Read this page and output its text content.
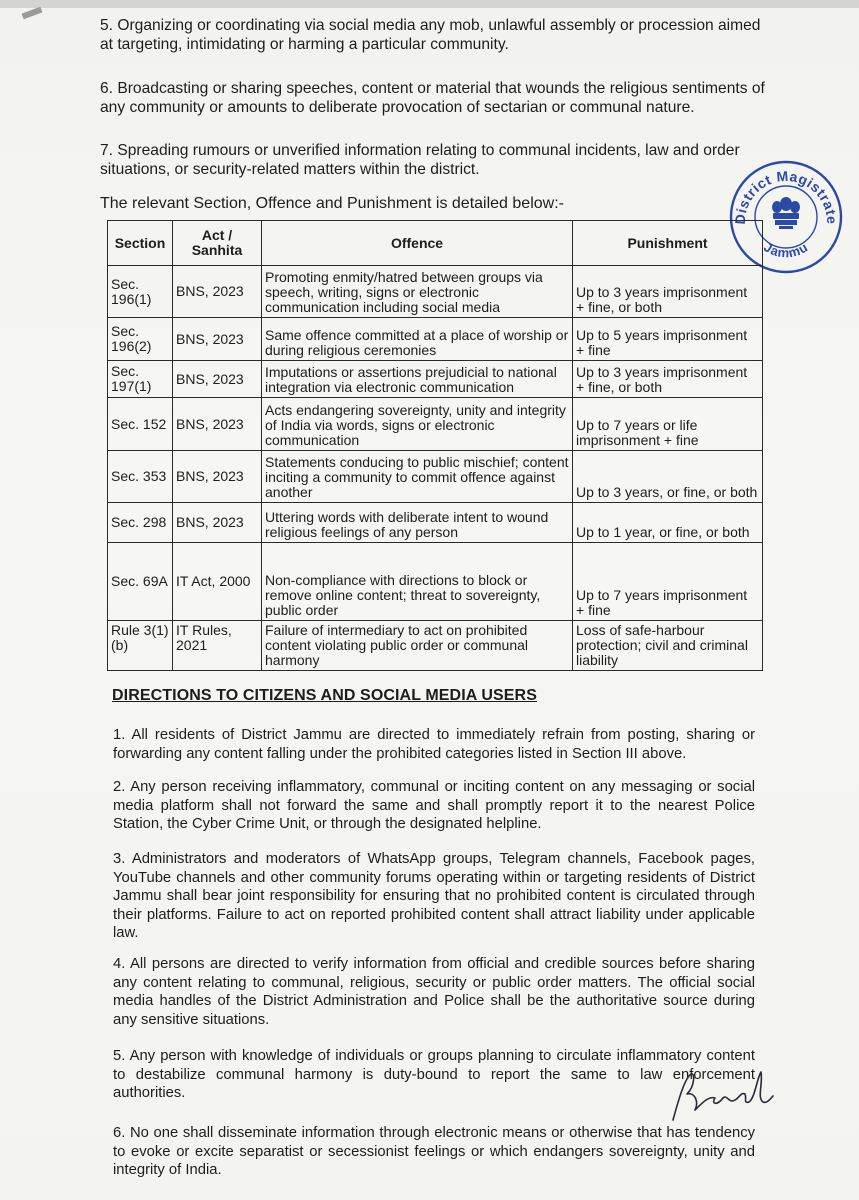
5. Organizing or coordinating via social media any mob, unlawful assembly or procession aimed at targeting, intimidating or harming a particular community.

6. Broadcasting or sharing speeches, content or material that wounds the religious sentiments of any community or amounts to deliberate provocation of sectarian or communal nature.

7. Spreading rumours or unverified information relating to communal incidents, law and order situations, or security-related matters within the district.

The relevant Section, Offence and Punishment is detailed below:-

District Magistrate
Jammu
Section	Act / Sanhita	Offence	Punishment
Sec. 196(1)	BNS, 2023	Promoting enmity/hatred between groups via speech, writing, signs or electronic communication including social media	Up to 3 years imprisonment + fine, or both
Sec. 196(2)	BNS, 2023	Same offence committed at a place of worship or during religious ceremonies	Up to 5 years imprisonment + fine
Sec. 197(1)	BNS, 2023	Imputations or assertions prejudicial to national integration via electronic communication	Up to 3 years imprisonment + fine, or both
Sec. 152	BNS, 2023	Acts endangering sovereignty, unity and integrity of India via words, signs or electronic communication	Up to 7 years or life imprisonment + fine
Sec. 353	BNS, 2023	Statements conducing to public mischief; content inciting a community to commit offence against another	Up to 3 years, or fine, or both
Sec. 298	BNS, 2023	Uttering words with deliberate intent to wound religious feelings of any person	Up to 1 year, or fine, or both
Sec. 69A	IT Act, 2000	Non-compliance with directions to block or remove online content; threat to sovereignty, public order	Up to 7 years imprisonment + fine
Rule 3(1)(b)	IT Rules, 2021	Failure of intermediary to act on prohibited content violating public order or communal harmony	Loss of safe-harbour protection; civil and criminal liability
DIRECTIONS TO CITIZENS AND SOCIAL MEDIA USERS

1. All residents of District Jammu are directed to immediately refrain from posting, sharing or forwarding any content falling under the prohibited categories listed in Section III above.

2. Any person receiving inflammatory, communal or inciting content on any messaging or social media platform shall not forward the same and shall promptly report it to the nearest Police Station, the Cyber Crime Unit, or through the designated helpline.

3. Administrators and moderators of WhatsApp groups, Telegram channels, Facebook pages, YouTube channels and other community forums operating within or targeting residents of District Jammu shall bear joint responsibility for ensuring that no prohibited content is circulated through their platforms. Failure to act on reported prohibited content shall attract liability under applicable law.

4. All persons are directed to verify information from official and credible sources before sharing any content relating to communal, religious, security or public order matters. The official social media handles of the District Administration and Police shall be the authoritative source during any sensitive situations.

5. Any person with knowledge of individuals or groups planning to circulate inflammatory content to destabilize communal harmony is duty-bound to report the same to law enforcement authorities.

6. No one shall disseminate information through electronic means or otherwise that has tendency to evoke or excite separatist or secessionist feelings or which endangers sovereignty, unity and integrity of India.
